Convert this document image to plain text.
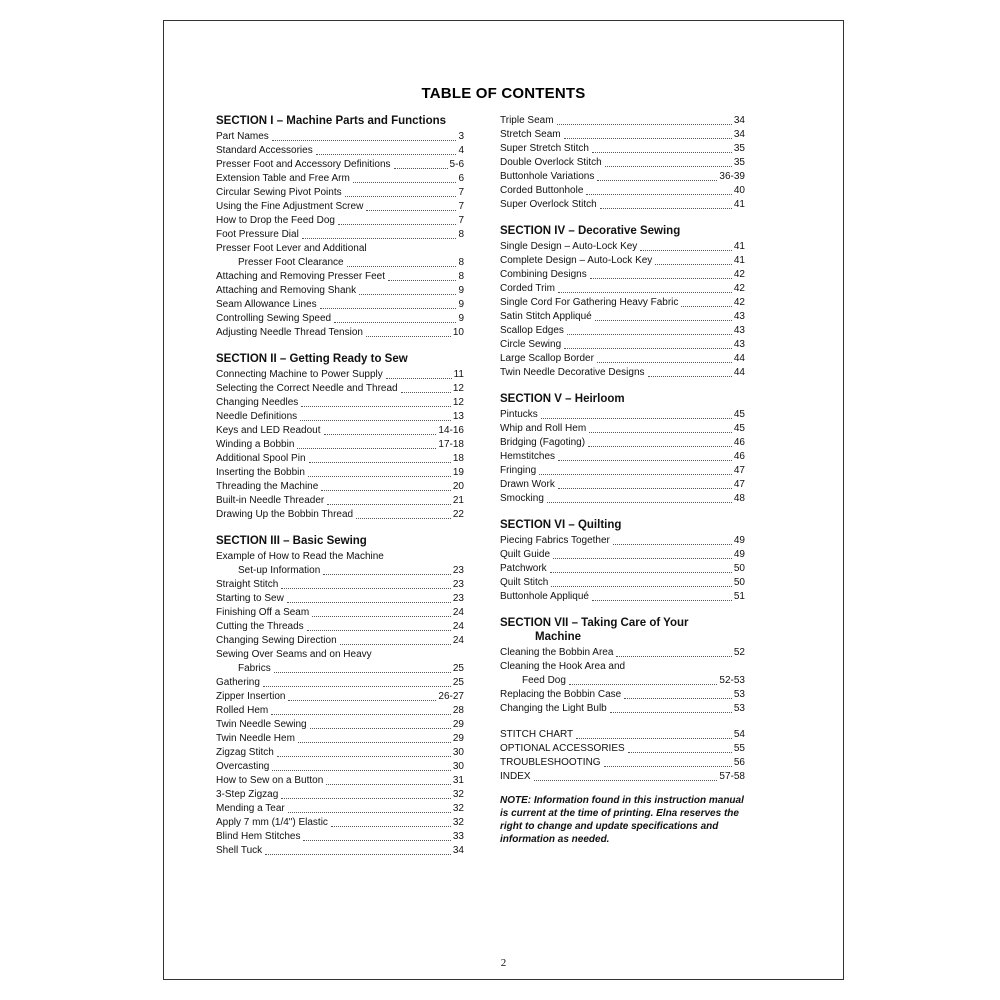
TABLE OF CONTENTS
SECTION I – Machine Parts and Functions
Part Names	3
Standard Accessories	4
Presser Foot and Accessory Definitions	5-6
Extension Table and Free Arm	6
Circular Sewing Pivot Points	7
Using the Fine Adjustment Screw	7
How to Drop the Feed Dog	7
Foot Pressure Dial	8
Presser Foot Lever and Additional
Presser Foot Clearance	8
Attaching and Removing Presser Feet	8
Attaching and Removing Shank	9
Seam Allowance Lines	9
Controlling Sewing Speed	9
Adjusting Needle Thread Tension	10
SECTION II – Getting Ready to Sew
Connecting Machine to Power Supply	11
Selecting the Correct Needle and Thread	12
Changing Needles	12
Needle Definitions	13
Keys and LED Readout	14-16
Winding a Bobbin	17-18
Additional Spool Pin	18
Inserting the Bobbin	19
Threading the Machine	20
Built-in Needle Threader	21
Drawing Up the Bobbin Thread	22
SECTION III – Basic Sewing
Example of How to Read the Machine
Set-up Information	23
Straight Stitch	23
Starting to Sew	23
Finishing Off a Seam	24
Cutting the Threads	24
Changing Sewing Direction	24
Sewing Over Seams and on Heavy
Fabrics	25
Gathering	25
Zipper Insertion	26-27
Rolled Hem	28
Twin Needle Sewing	29
Twin Needle Hem	29
Zigzag Stitch	30
Overcasting	30
How to Sew on a Button	31
3-Step Zigzag	32
Mending a Tear	32
Apply 7 mm (1/4") Elastic	32
Blind Hem Stitches	33
Shell Tuck	34
Triple Seam	34
Stretch Seam	34
Super Stretch Stitch	35
Double Overlock Stitch	35
Buttonhole Variations	36-39
Corded Buttonhole	40
Super Overlock Stitch	41
SECTION IV – Decorative Sewing
Single Design – Auto-Lock Key	41
Complete Design – Auto-Lock Key	41
Combining Designs	42
Corded Trim	42
Single Cord For Gathering Heavy Fabric	42
Satin Stitch Appliqué	43
Scallop Edges	43
Circle Sewing	43
Large Scallop Border	44
Twin Needle Decorative Designs	44
SECTION V – Heirloom
Pintucks	45
Whip and Roll Hem	45
Bridging (Fagoting)	46
Hemstitches	46
Fringing	47
Drawn Work	47
Smocking	48
SECTION VI – Quilting
Piecing Fabrics Together	49
Quilt Guide	49
Patchwork	50
Quilt Stitch	50
Buttonhole Appliqué	51
SECTION VII – Taking Care of Your
Machine
Cleaning the Bobbin Area	52
Cleaning the Hook Area and
Feed Dog	52-53
Replacing the Bobbin Case	53
Changing the Light Bulb	53
STITCH CHART	54
OPTIONAL ACCESSORIES	55
TROUBLESHOOTING	56
INDEX	57-58
NOTE: Information found in this instruction manual is current at the time of printing. Elna reserves the right to change and update specifications and information as needed.
2
